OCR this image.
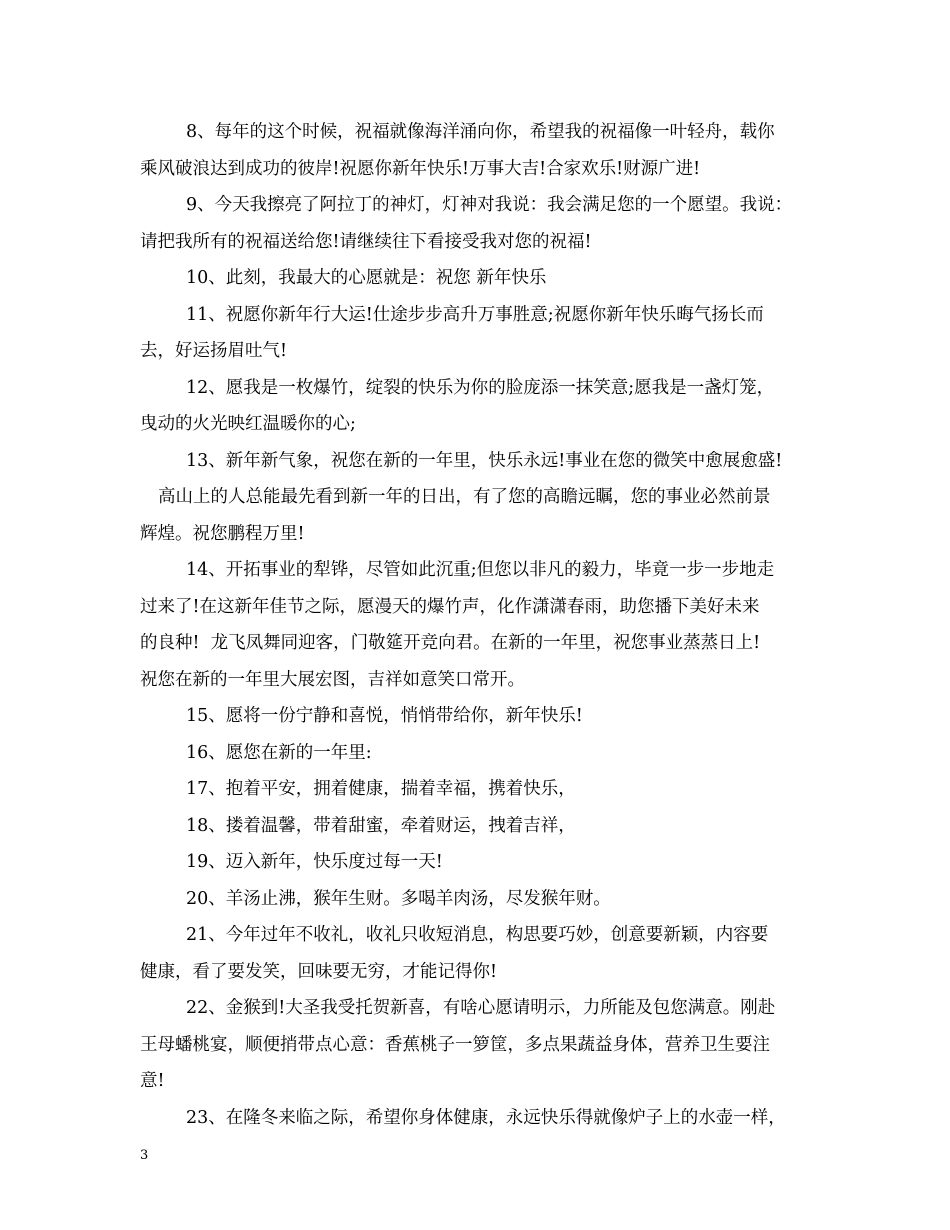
8、每年的这个时候，祝福就像海洋涌向你，希望我的祝福像一叶轻舟，载你
乘风破浪达到成功的彼岸!祝愿你新年快乐!万事大吉!合家欢乐!财源广进!
9、今天我擦亮了阿拉丁的神灯，灯神对我说：我会满足您的一个愿望。我说：
请把我所有的祝福送给您!请继续往下看接受我对您的祝福!
10、此刻，我最大的心愿就是：祝您 新年快乐
11、祝愿你新年行大运!仕途步步高升万事胜意;祝愿你新年快乐晦气扬长而
去，好运扬眉吐气!
12、愿我是一枚爆竹，绽裂的快乐为你的脸庞添一抹笑意;愿我是一盏灯笼，
曳动的火光映红温暖你的心;
13、新年新气象，祝您在新的一年里，快乐永远!事业在您的微笑中愈展愈盛!
高山上的人总能最先看到新一年的日出，有了您的高瞻远瞩，您的事业必然前景
辉煌。祝您鹏程万里!
14、开拓事业的犁铧，尽管如此沉重;但您以非凡的毅力，毕竟一步一步地走
过来了!在这新年佳节之际，愿漫天的爆竹声，化作潇潇春雨，助您播下美好未来
的良种!  龙飞凤舞同迎客，门敬筵开竞向君。在新的一年里，祝您事业蒸蒸日上!
祝您在新的一年里大展宏图，吉祥如意笑口常开。
15、愿将一份宁静和喜悦，悄悄带给你，新年快乐!
16、愿您在新的一年里:
17、抱着平安，拥着健康，揣着幸福，携着快乐，
18、搂着温馨，带着甜蜜，牵着财运，拽着吉祥，
19、迈入新年，快乐度过每一天!
20、羊汤止沸，猴年生财。多喝羊肉汤，尽发猴年财。
21、今年过年不收礼，收礼只收短消息，构思要巧妙，创意要新颖，内容要
健康，看了要发笑，回味要无穷，才能记得你!
22、金猴到!大圣我受托贺新喜，有啥心愿请明示，力所能及包您满意。刚赴
王母蟠桃宴，顺便捎带点心意：香蕉桃子一箩筐，多点果蔬益身体，营养卫生要注
意!
23、在隆冬来临之际，希望你身体健康，永远快乐得就像炉子上的水壶一样，
3
